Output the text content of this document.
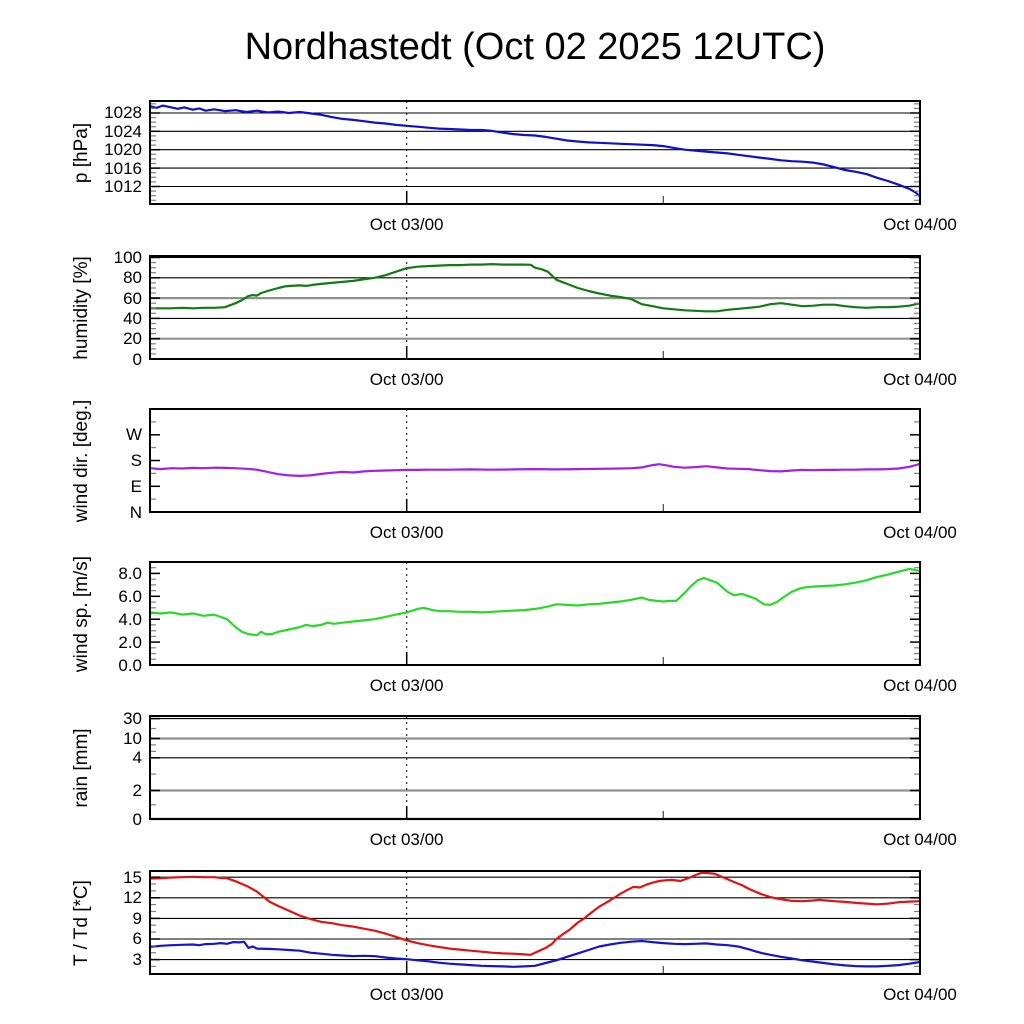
Nordhastedt (Oct 02 2025 12UTC)
1012
1016
1020
1024
1028
Oct 03/00	Oct 04/00
p [hPa]
0
20
40
60
80
100
Oct 03/00	Oct 04/00
humidity [%]
N
E
S
W
Oct 03/00	Oct 04/00
wind dir. [deg.]
0.0
2.0
4.0
6.0
8.0
Oct 03/00	Oct 04/00
wind sp. [m/s]
0
2
4
10
30
Oct 03/00	Oct 04/00
rain [mm]
3
6
9
12
15
Oct 03/00	Oct 04/00
T / Td [*C]
